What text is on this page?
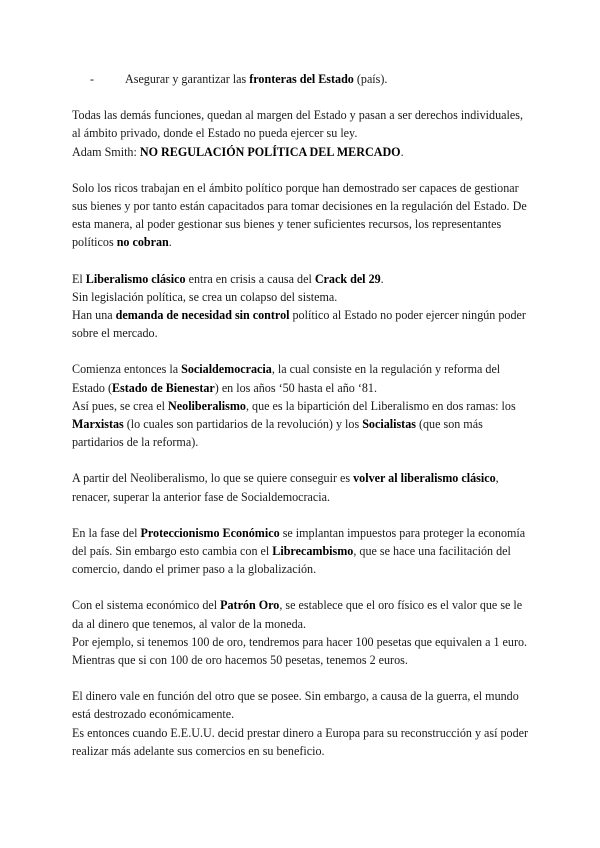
-	Asegurar y garantizar las fronteras del Estado (país).

Todas las demás funciones, quedan al margen del Estado y pasan a ser derechos individuales, al ámbito privado, donde el Estado no pueda ejercer su ley.

Adam Smith: NO REGULACIÓN POLÍTICA DEL MERCADO.

Solo los ricos trabajan en el ámbito político porque han demostrado ser capaces de gestionar sus bienes y por tanto están capacitados para tomar decisiones en la regulación del Estado. De esta manera, al poder gestionar sus bienes y tener suficientes recursos, los representantes políticos no cobran.

El Liberalismo clásico entra en crisis a causa del Crack del 29.

Sin legislación política, se crea un colapso del sistema.

Han una demanda de necesidad sin control político al Estado no poder ejercer ningún poder sobre el mercado.

Comienza entonces la Socialdemocracia, la cual consiste en la regulación y reforma del Estado (Estado de Bienestar) en los años ‘50 hasta el año ‘81.

Así pues, se crea el Neoliberalismo, que es la bipartición del Liberalismo en dos ramas: los Marxistas (lo cuales son partidarios de la revolución) y los Socialistas (que son más partidarios de la reforma).

A partir del Neoliberalismo, lo que se quiere conseguir es volver al liberalismo clásico, renacer, superar la anterior fase de Socialdemocracia.

En la fase del Proteccionismo Económico se implantan impuestos para proteger la economía del país. Sin embargo esto cambia con el Librecambismo, que se hace una facilitación del comercio, dando el primer paso a la globalización.

Con el sistema económico del Patrón Oro, se establece que el oro físico es el valor que se le da al dinero que tenemos, al valor de la moneda.

Por ejemplo, si tenemos 100 de oro, tendremos para hacer 100 pesetas que equivalen a 1 euro.

Mientras que si con 100 de oro hacemos 50 pesetas, tenemos 2 euros.

El dinero vale en función del otro que se posee. Sin embargo, a causa de la guerra, el mundo está destrozado económicamente.

Es entonces cuando E.E.U.U. decid prestar dinero a Europa para su reconstrucción y así poder realizar más adelante sus comercios en su beneficio.
